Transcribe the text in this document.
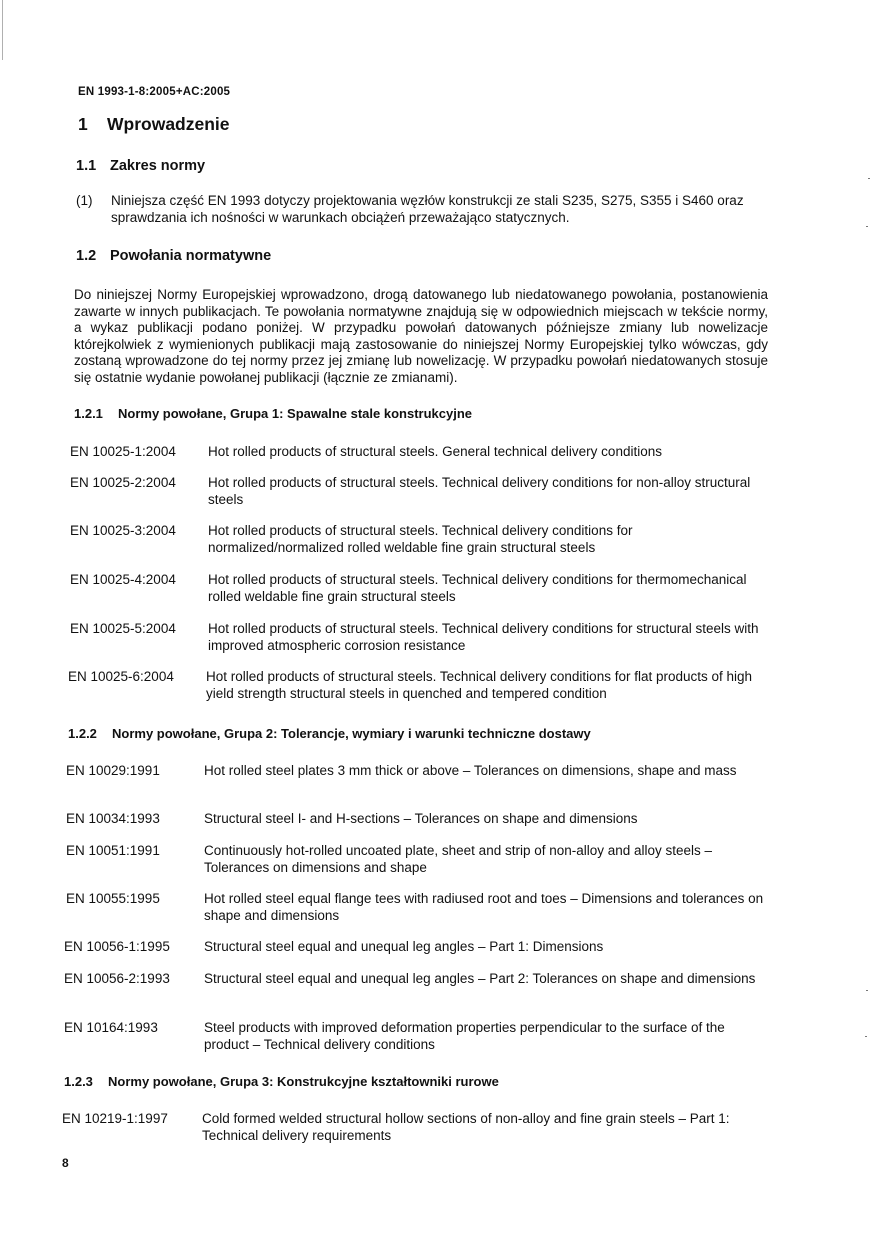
EN 1993-1-8:2005+AC:2005
1 Wprowadzenie
1.1 Zakres normy
(1) Niniejsza część EN 1993 dotyczy projektowania węzłów konstrukcji ze stali S235, S275, S355 i S460 oraz sprawdzania ich nośności w warunkach obciążeń przeważająco statycznych.
1.2 Powołania normatywne
Do niniejszej Normy Europejskiej wprowadzono, drogą datowanego lub niedatowanego powołania, postanowienia zawarte w innych publikacjach. Te powołania normatywne znajdują się w odpowiednich miejscach w tekście normy, a wykaz publikacji podano poniżej. W przypadku powołań datowanych późniejsze zmiany lub nowelizacje którejkolwiek z wymienionych publikacji mają zastosowanie do niniejszej Normy Europejskiej tylko wówczas, gdy zostaną wprowadzone do tej normy przez jej zmianę lub nowelizację. W przypadku powołań niedatowanych stosuje się ostatnie wydanie powołanej publikacji (łącznie ze zmianami).
1.2.1 Normy powołane, Grupa 1: Spawalne stale konstrukcyjne
EN 10025-1:2004 Hot rolled products of structural steels. General technical delivery conditions
EN 10025-2:2004 Hot rolled products of structural steels. Technical delivery conditions for non-alloy structural steels
EN 10025-3:2004 Hot rolled products of structural steels. Technical delivery conditions for normalized/normalized rolled weldable fine grain structural steels
EN 10025-4:2004 Hot rolled products of structural steels. Technical delivery conditions for thermomechanical rolled weldable fine grain structural steels
EN 10025-5:2004 Hot rolled products of structural steels. Technical delivery conditions for structural steels with improved atmospheric corrosion resistance
EN 10025-6:2004 Hot rolled products of structural steels. Technical delivery conditions for flat products of high yield strength structural steels in quenched and tempered condition
1.2.2 Normy powołane, Grupa 2: Tolerancje, wymiary i warunki techniczne dostawy
EN 10029:1991	Hot rolled steel plates 3 mm thick or above – Tolerances on dimensions, shape and mass
EN 10034:1993	Structural steel I- and H-sections – Tolerances on shape and dimensions
EN 10051:1991	Continuously hot-rolled uncoated plate, sheet and strip of non-alloy and alloy steels – Tolerances on dimensions and shape
EN 10055:1995	Hot rolled steel equal flange tees with radiused root and toes – Dimensions and tolerances on shape and dimensions
EN 10056-1:1995	Structural steel equal and unequal leg angles – Part 1: Dimensions
EN 10056-2:1993	Structural steel equal and unequal leg angles – Part 2: Tolerances on shape and dimensions
EN 10164:1993	Steel products with improved deformation properties perpendicular to the surface of the product – Technical delivery conditions
1.2.3 Normy powołane, Grupa 3: Konstrukcyjne kształtowniki rurowe
EN 10219-1:1997	Cold formed welded structural hollow sections of non-alloy and fine grain steels – Part 1: Technical delivery requirements
8
